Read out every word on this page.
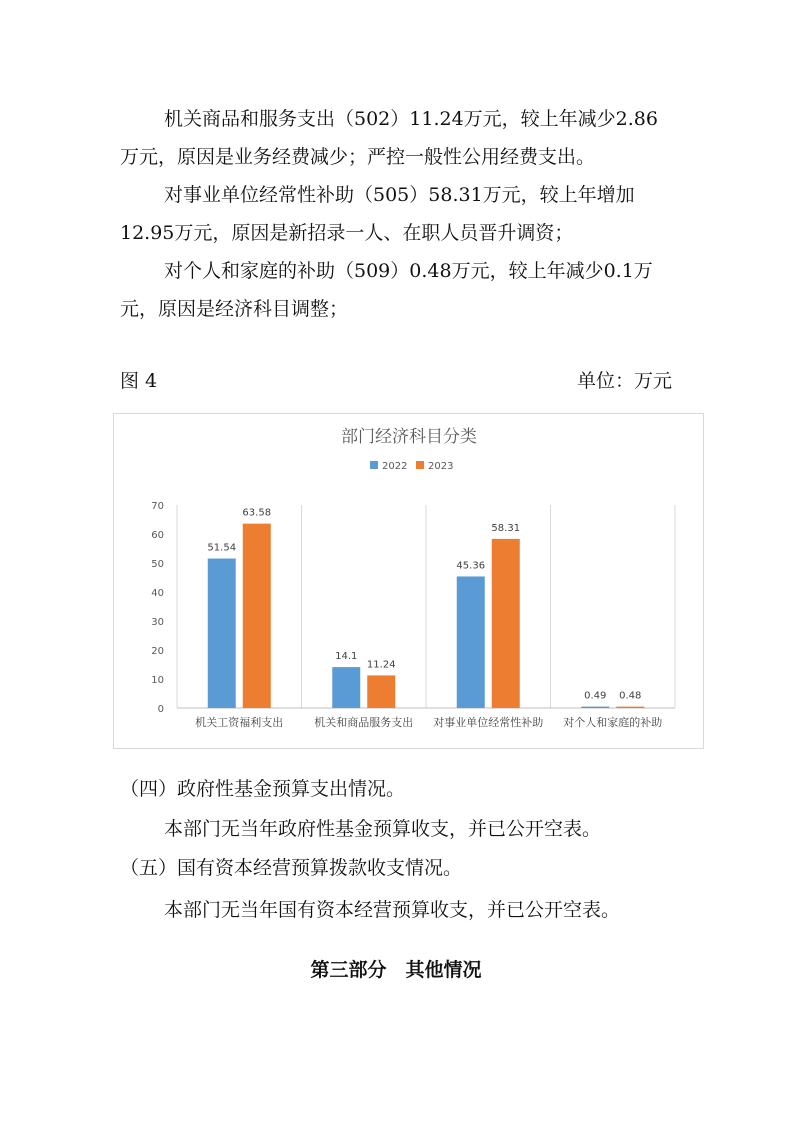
机关商品和服务支出（502）11.24万元，较上年减少2.86万元，原因是业务经费减少；严控一般性公用经费支出。

对事业单位经常性补助（505）58.31万元，较上年增加12.95万元，原因是新招录一人、在职人员晋升调资；

对个人和家庭的补助（509）0.48万元，较上年减少0.1万元，原因是经济科目调整；

图 4	单位：万元
部门经济科目分类
2022 2023
0
10
20
30
40
50
60
70
51.54
63.58
机关工资福利支出
14.1
11.24
机关和商品服务支出
45.36
58.31
对事业单位经常性补助
0.49 0.48
对个人和家庭的补助
（四）政府性基金预算支出情况。
本部门无当年政府性基金预算收支，并已公开空表。
（五）国有资本经营预算拨款收支情况。
本部门无当年国有资本经营预算收支，并已公开空表。
第三部分　其他情况
